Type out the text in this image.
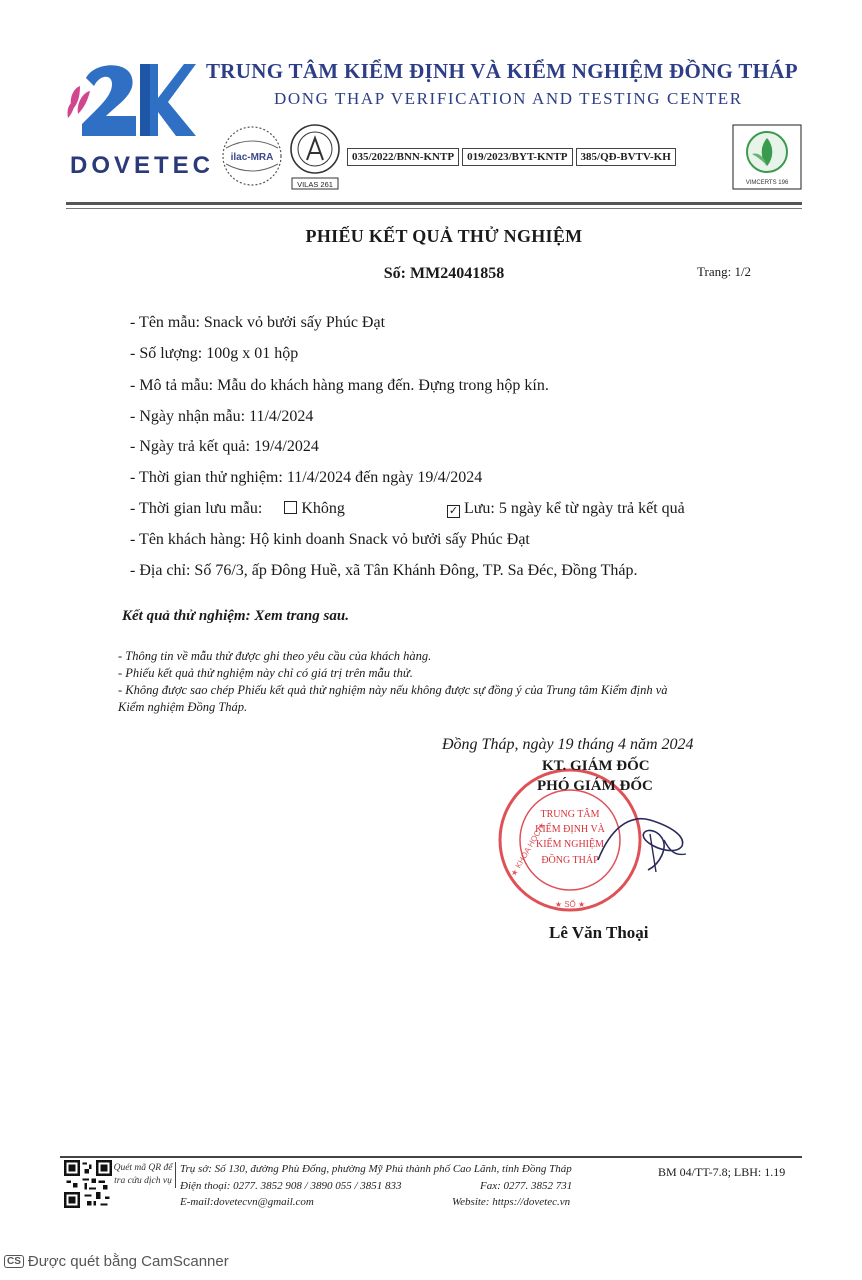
DOVETEC
TRUNG TÂM KIỂM ĐỊNH VÀ KIỂM NGHIỆM ĐỒNG THÁP
DONG THAP VERIFICATION AND TESTING CENTER
ilac-MRA
VILAS 261
035/2022/BNN-KNTP	019/2023/BYT-KNTP	385/QĐ-BVTV-KH
VIMCERTS 196
PHIẾU KẾT QUẢ THỬ NGHIỆM
Số: MM24041858	Trang: 1/2
- Tên mẫu: Snack vỏ bưởi sấy Phúc Đạt
- Số lượng: 100g x 01 hộp
- Mô tả mẫu: Mẫu do khách hàng mang đến. Đựng trong hộp kín.
- Ngày nhận mẫu: 11/4/2024
- Ngày trả kết quả: 19/4/2024
- Thời gian thử nghiệm: 11/4/2024 đến ngày 19/4/2024
- Thời gian lưu mẫu: Không	✓ Lưu: 5 ngày kể từ ngày trả kết quả
- Tên khách hàng: Hộ kinh doanh Snack vỏ bưởi sấy Phúc Đạt
- Địa chỉ: Số 76/3, ấp Đông Huề, xã Tân Khánh Đông, TP. Sa Đéc, Đồng Tháp.
Kết quả thử nghiệm: Xem trang sau.
- Thông tin về mẫu thử được ghi theo yêu cầu của khách hàng.
- Phiếu kết quả thử nghiệm này chỉ có giá trị trên mẫu thử.
- Không được sao chép Phiếu kết quả thử nghiệm này nếu không được sự đồng ý của Trung tâm Kiểm định và
Kiểm nghiệm Đồng Tháp.
Đồng Tháp, ngày 19 tháng 4 năm 2024
★ KHOA HỌC ★
★ SỐ ★
TRUNG TÂM
KIỂM ĐỊNH VÀ
KIỂM NGHIỆM
ĐỒNG THÁP
KT. GIÁM ĐỐC
PHÓ GIÁM ĐỐC
Lê Văn Thoại
Quét mã QR để tra cứu dịch vụ
Trụ sở: Số 130, đường Phù Đổng, phường Mỹ Phú thành phố Cao Lãnh, tỉnh Đồng Tháp
Điện thoại: 0277. 3852 908 / 3890 055 / 3851 833	Fax: 0277. 3852 731
E-mail:dovetecvn@gmail.com	Website: https://dovetec.vn
BM 04/TT-7.8; LBH: 1.19
CS Được quét bằng CamScanner
